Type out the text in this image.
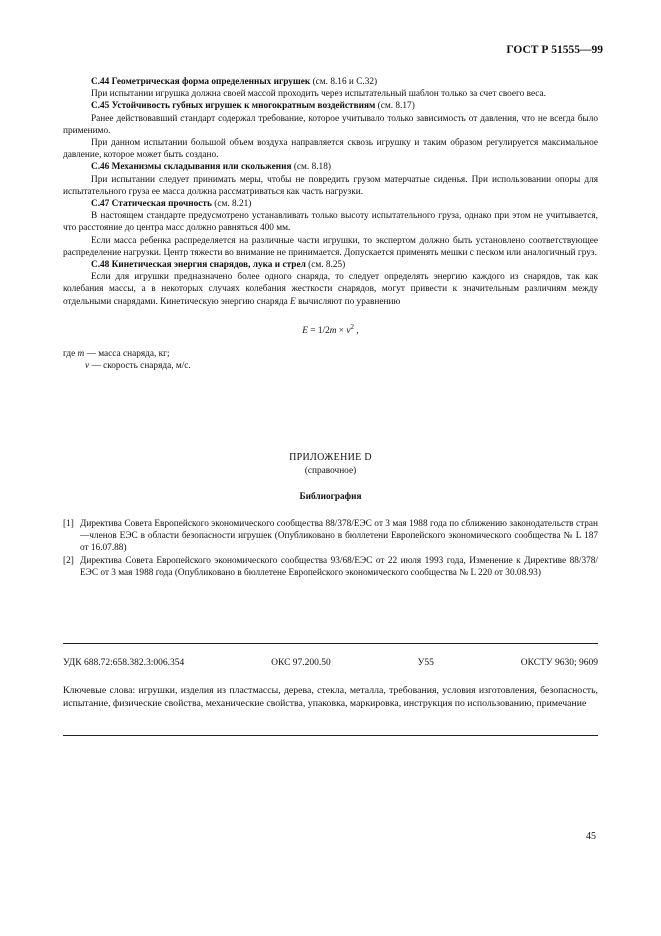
ГОСТ Р 51555—99

С.44 Геометрическая форма определенных игрушек (см. 8.16 и С.32)

При испытании игрушка должна своей массой проходить через испытательный шаблон только за счет своего веса.

С.45 Устойчивость губных игрушек к многократным воздействиям (см. 8.17)

Ранее действовавший стандарт содержал требование, которое учитывало только зависимость от давления, что не всегда было применимо.

При данном испытании большой объем воздуха направляется сквозь игрушку и таким образом регулируется максимальное давление, которое может быть создано.

С.46 Механизмы складывания или скольжения (см. 8.18)

При испытании следует принимать меры, чтобы не повредить грузом матерчатые сиденья. При использовании опоры для испытательного груза ее масса должна рассматриваться как часть нагрузки.

С.47 Статическая прочность (см. 8.21)

В настоящем стандарте предусмотрено устанавливать только высоту испытательного груза, однако при этом не учитывается, что расстояние до центра масс должно равняться 400 мм.

Если масса ребенка распределяется на различные части игрушки, то экспертом должно быть установлено соответствующее распределение нагрузки. Центр тяжести во внимание не принимается. Допускается применять мешки с песком или аналогичный груз.

С.48 Кинетическая энергия снарядов, лука и стрел (см. 8.25)

Если для игрушки предназначено более одного снаряда, то следует определять энергию каждого из снарядов, так как колебания массы, а в некоторых случаях колебания жесткости снарядов, могут привести к значительным различиям между отдельными снарядами. Кинетическую энергию снаряда E вычисляют по уравнению

$E = 1/2m \times v^2$ ,

где m — масса снаряда, кг;

v — скорость снаряда, м/с.

ПРИЛОЖЕНИЕ D
(справочное)
Библиография
[1] Директива Совета Европейского экономического сообщества 88/378/ЕЭС от 3 мая 1988 года по сближению законодательств стран—членов ЕЭС в области безопасности игрушек (Опубликовано в бюллетени Европейского экономического сообщества № L 187 от 16.07.88)
[2] Директива Совета Европейского экономического сообщества 93/68/ЕЭС от 22 июля 1993 года, Изменение к Директиве 88/378/ЕЭС от 3 мая 1988 года (Опубликовано в бюллетене Европейского экономического сообщества № L 220 от 30.08.93)
УДК 688.72:658.382.3:006.354	ОКС 97.200.50	У55	ОКСТУ 9630; 9609
Ключевые слова: игрушки, изделия из пластмассы, дерева, стекла, металла, требования, условия изготовления, безопасность, испытание, физические свойства, механические свойства, упаковка, маркировка, инструкция по использованию, примечание
45
